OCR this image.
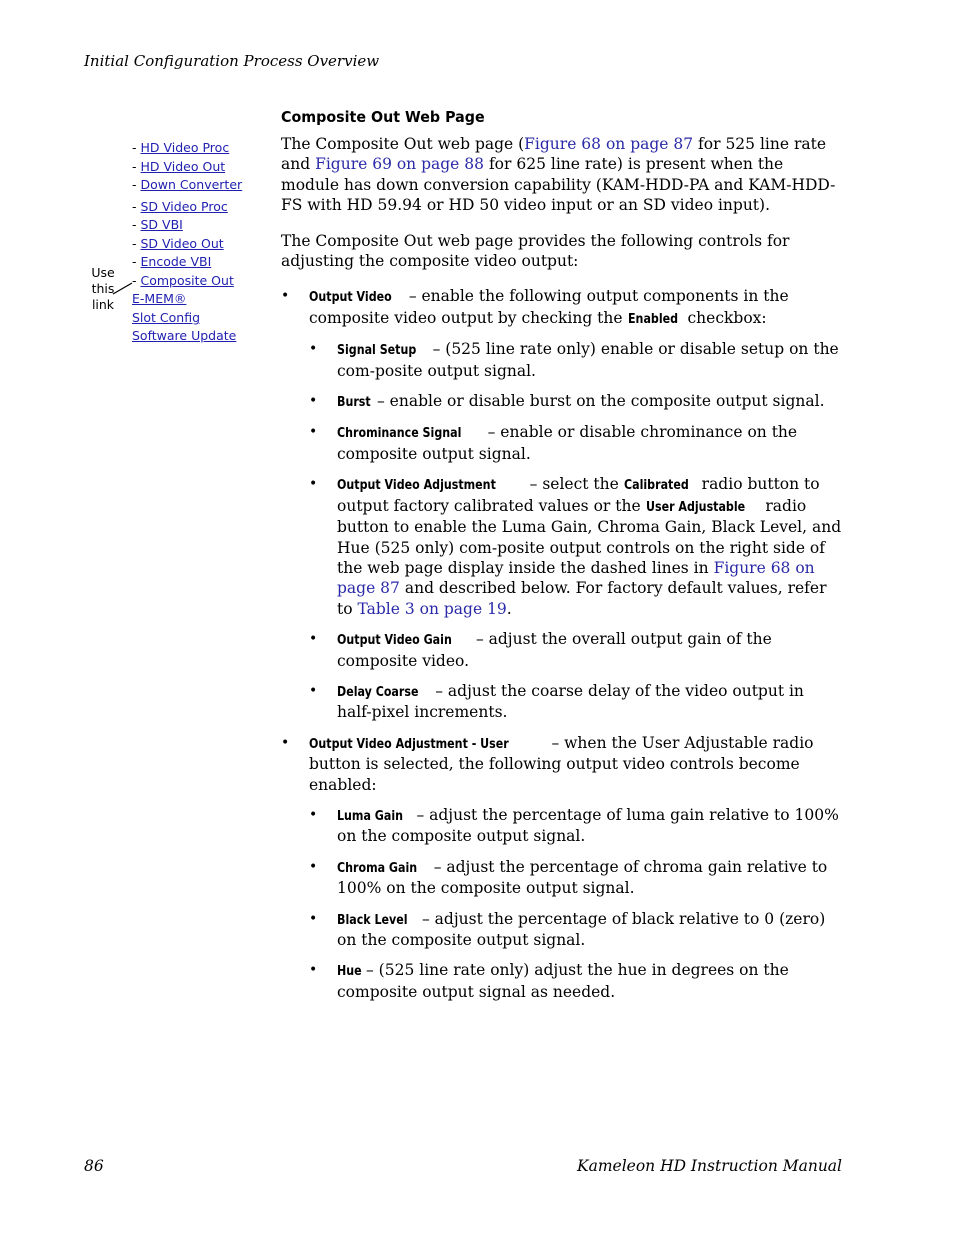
Initial Configuration Process Overview
- HD Video Proc
- HD Video Out
- Down Converter
- SD Video Proc
- SD VBI
- SD Video Out
- Encode VBI
- Composite Out
E-MEM®
Slot Config
Software Update
Use
this
link
Composite Out Web Page

The Composite Out web page (Figure 68 on page 87 for 525 line rate and Figure 69 on page 88 for 625 line rate) is present when the module has down conversion capability (KAM-HDD-PA and KAM-HDD-FS with HD 59.94 or HD 50 video input or an SD video input).

The Composite Out web page provides the following controls for adjusting the composite video output:

• Output Video – enable the following output components in the composite video output by checking the Enabled checkbox:

• Signal Setup – (525 line rate only) enable or disable setup on the com-posite output signal.

• Burst – enable or disable burst on the composite output signal.

• Chrominance Signal – enable or disable chrominance on the composite output signal.

• Output Video Adjustment – select the Calibrated radio button to output factory calibrated values or the User Adjustable radio button to enable the Luma Gain, Chroma Gain, Black Level, and Hue (525 only) com-posite output controls on the right side of the web page display inside the dashed lines in Figure 68 on page 87 and described below. For factory default values, refer to Table 3 on page 19.

• Output Video Gain – adjust the overall output gain of the composite video.

• Delay Coarse – adjust the coarse delay of the video output in half-pixel increments.

• Output Video Adjustment - User – when the User Adjustable radio button is selected, the following output video controls become enabled:

• Luma Gain – adjust the percentage of luma gain relative to 100% on the composite output signal.

• Chroma Gain – adjust the percentage of chroma gain relative to 100% on the composite output signal.

• Black Level – adjust the percentage of black relative to 0 (zero) on the composite output signal.

• Hue – (525 line rate only) adjust the hue in degrees on the composite output signal as needed.

86	Kameleon HD Instruction Manual
